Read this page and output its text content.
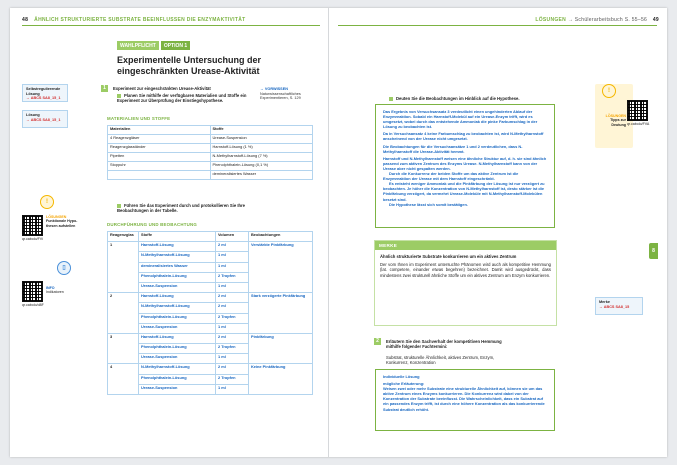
48 ÄHNLICH STRUKTURIERTE SUBSTRATE BEEINFLUSSEN DIE ENZYMAKTIVITÄT	LÖSUNGEN → Schülerarbeitsbuch S. 55–56 49
WAHLPFLICHT	OPTION 1
Experimentelle Untersuchung der eingeschränkten Urease-Aktivität
1	Experiment zur eingeschränkten Urease-Aktivität
Planen Sie mithilfe der verfügbaren Materialien und Stoffe ein Experiment zur Überprüfung der Einstiegshypothese.
→ VORWISSEN
Naturwissenschaftliches Experimentieren, S. 129
Selbstregulierende Lösung
→ ABCS SA8_15_1
Lösung
→ ABCS SA8_15_1
!
LÖSUNGEN
Funktionale Hypothesen aufstellen
qr.cabolo/FVi
▯
INFO
Indikatoren
qr.cabolo/d8F
MATERIALIEN UND STOFFE
Materialien	Stoffe
4 Reagenzgläser	Urease-Suspension
Reagenzglasständer	Harnstoff-Lösung (1 %)
Pipetten	N-Methylharnstoff-Lösung (7 %)
Stoppuhr	Phenolphthalein-Lösung (0,1 %)
	demineralisiertes Wasser
Führen Sie das Experiment durch und protokollieren Sie Ihre Beobachtungen in der Tabelle.
DURCHFÜHRUNG UND BEOBACHTUNG
Reagenzglas	Stoffe	Volumen	Beobachtungen
1	Harnstoff-Lösung	2 ml	Verstärkte Pinkfärbung
	N-Methylharnstoff-Lösung	1 ml	
	demineralisiertes Wasser	1 ml	
	Phenolphthalein-Lösung	2 Tropfen	
	Urease-Suspension	1 ml	
2	Harnstoff-Lösung	2 ml	Stark verzögerte Pinkfärbung
	N-Methylharnstoff-Lösung	2 ml	
	Phenolphthalein-Lösung	2 Tropfen	
	Urease-Suspension	1 ml	
3	Harnstoff-Lösung	2 ml	Pinkfärbung
	Phenolphthalein-Lösung	2 Tropfen	
	Urease-Suspension	1 ml	
4	N-Methylharnstoff-Lösung	2 ml	Keine Pinkfärbung
	Phenolphthalein-Lösung	2 Tropfen	
	Urease-Suspension	1 ml	
Deuten Sie die Beobachtungen im Hinblick auf die Hypothese.

Das Ergebnis von Versuchsansatz 3 verdeutlicht einen ungehinderten Ablauf der Enzymreaktion. Sobald ein Harnstoff-Molekül auf ein Urease-Enzym trifft, wird es umgesetzt, wobei durch das entstehende Ammoniak die pinke Farbumschlag in der Lösung zu beobachten ist.

Da in Versuchsansatz 4 keine Farbumschlag zu beobachten ist, wird N-Methylharnstoff anscheinend von der Urease nicht umgesetzt.

Die Beobachtungen für die Versuchsansätze 1 und 2 verdeutlichen, dass N-Methylharnstoff die Urease-Aktivität hemmt.

Harnstoff und N-Methylharnstoff weisen eine ähnliche Struktur auf, d. h. sie sind ähnlich passend zum aktiven Zentrum des Enzyms Urease. N-Methylharnstoff kann von der Urease aber nicht gespalten werden.

Durch die Konkurrenz der beiden Stoffe um das aktive Zentrum ist die Enzymreaktion der Urease mit dem Harnstoff eingeschränkt.

Es entsteht weniger Ammoniak und die Pinkfärbung der Lösung ist nur verzögert zu beobachten. Je höher die Konzentration von N-Methylharnstoff ist, desto stärker ist die Pinkfärbung verzögert, da vermehrt Urease-Moleküle mit N-Methylharnstoff-Molekülen besetzt sind.

Die Hypothese lässt sich somit bestätigen.

!
LÖSUNGEN
Tipps zur Deutung qr.cabolo/FVA
8
Merke
→ ABCS SA8_15
MERKE
Ähnlich strukturierte Substrate konkurrieren um ein aktives Zentrum
Der vom Ihnen im Experiment untersuchte Phänomen wird auch als kompetitive Hemmung (lat. competere, einander etwas begehren) bezeichnet. Damit wird ausgedrückt, dass mindestens zwei strukturell ähnliche Stoffe um ein aktives Zentrum am Enzym konkurrieren.
2	Erläutern Sie den Sachverhalt der kompetitiven Hemmung mithilfe folgender Fachtermini:
Substrat, strukturelle Ähnlichkeit, aktives Zentrum, Enzym, Konkurrenz, Konzentration

Individuelle Lösung

mögliche Erläuterung:

Weisen zwei oder mehr Substrate eine strukturelle Ähnlichkeit auf, können sie um das aktive Zentrum eines Enzyms konkurrieren. Die Konkurrenz wird dabei von der Konzentration der Substrate beeinflusst. Die Wahrscheinlichkeit, dass ein Substrat auf ein passendes Enzym trifft, ist durch eine höhere Konzentration als das konkurrierende Substrat deutlich erhöht.
